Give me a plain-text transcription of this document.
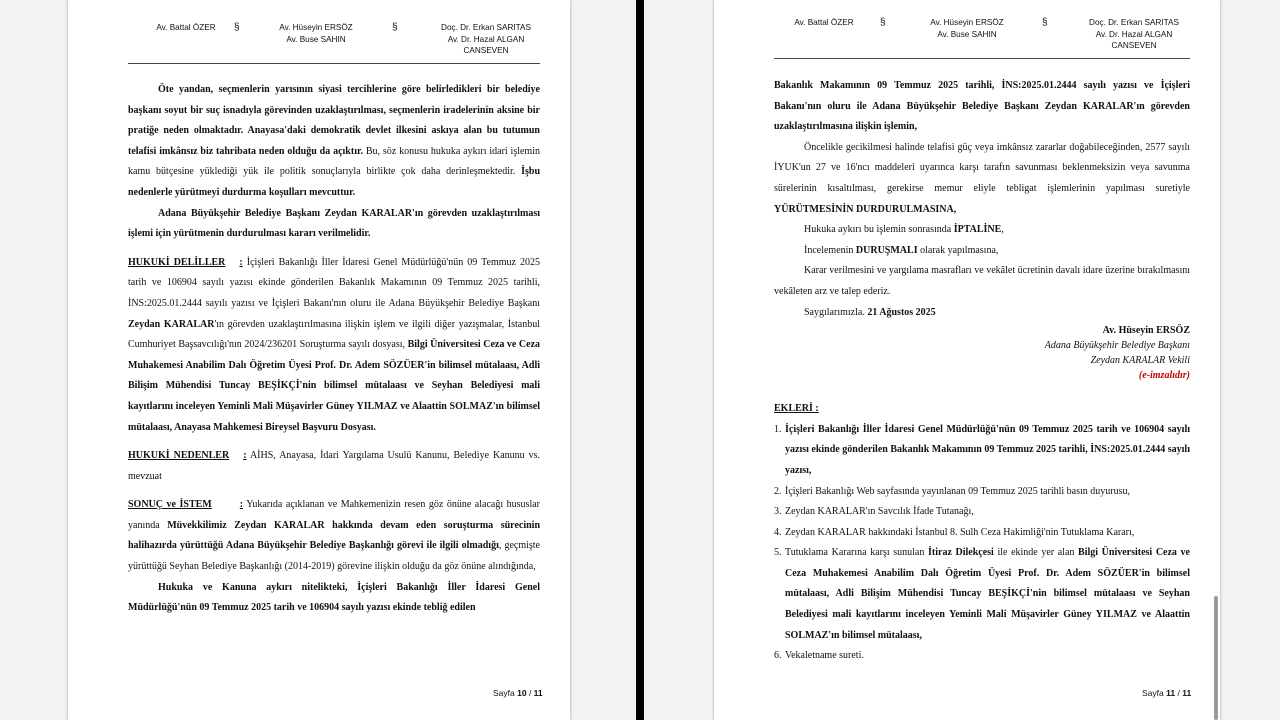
Av. Battal ÖZER	§	Av. Hüseyin ERSÖZ
Av. Buse SAHIN
§	Doç. Dr. Erkan SARITAS
Av. Dr. Hazal ALGAN
CANSEVEN

Öte yandan, seçmenlerin yarısının siyasi tercihlerine göre belirledikleri bir belediye başkanı soyut bir suç isnadıyla görevinden uzaklaştırılması, seçmenlerin iradelerinin aksine bir pratiğe neden olmaktadır. Anayasa'daki demokratik devlet ilkesini askıya alan bu tutumun telafisi imkânsız biz tahribata neden olduğu da açıktır. Bu, söz konusu hukuka aykırı idari işlemin kamu bütçesine yüklediği yük ile politik sonuçlarıyla birlikte çok daha derinleşmektedir. İşbu nedenlerle yürütmeyi durdurma koşulları mevcuttur.

Adana Büyükşehir Belediye Başkanı Zeydan KARALAR'ın görevden uzaklaştırılması işlemi için yürütmenin durdurulması kararı verilmelidir.

HUKUKİ DELİLLER : İçişleri Bakanlığı İller İdaresi Genel Müdürlüğü'nün 09 Temmuz 2025 tarih ve 106904 sayılı yazısı ekinde gönderilen Bakanlık Makamının 09 Temmuz 2025 tarihli, İNS:2025.01.2444 sayılı yazısı ve İçişleri Bakanı'nın oluru ile Adana Büyükşehir Belediye Başkanı Zeydan KARALAR'ın görevden uzaklaştırılmasına ilişkin işlem ve ilgili diğer yazışmalar, İstanbul Cumhuriyet Başsavcılığı'nın 2024/236201 Soruşturma sayılı dosyası, Bilgi Üniversitesi Ceza ve Ceza Muhakemesi Anabilim Dalı Öğretim Üyesi Prof. Dr. Adem SÖZÜER'in bilimsel mütalaası, Adli Bilişim Mühendisi Tuncay BEŞİKÇİ'nin bilimsel mütalaası ve Seyhan Belediyesi mali kayıtlarını inceleyen Yeminli Mali Müşavirler Güney YILMAZ ve Alaattin SOLMAZ'ın bilimsel mütalaası, Anayasa Mahkemesi Bireysel Başvuru Dosyası.

HUKUKİ NEDENLER : AİHS, Anayasa, İdari Yargılama Usulü Kanunu, Belediye Kanunu vs. mevzuat

SONUÇ ve İSTEM	: Yukarıda açıklanan ve Mahkemenizin resen göz önüne alacağı hususlar yanında Müvekkilimiz Zeydan KARALAR hakkında devam eden soruşturma sürecinin halihazırda yürüttüğü Adana Büyükşehir Belediye Başkanlığı görevi ile ilgili olmadığı, geçmişte yürüttüğü Seyhan Belediye Başkanlığı (2014-2019) görevine ilişkin olduğu da göz önüne alındığında,

Hukuka ve Kanuna aykırı nitelikteki, İçişleri Bakanlığı İller İdaresi Genel Müdürlüğü'nün 09 Temmuz 2025 tarih ve 106904 sayılı yazısı ekinde tebliğ edilen

Sayfa 10 / 11
Av. Battal ÖZER	§	Av. Hüseyin ERSÖZ
Av. Buse SAHIN
§	Doç. Dr. Erkan SARITAS
Av. Dr. Hazal ALGAN
CANSEVEN

Bakanlık Makamının 09 Temmuz 2025 tarihli, İNS:2025.01.2444 sayılı yazısı ve İçişleri Bakanı'nın oluru ile Adana Büyükşehir Belediye Başkanı Zeydan KARALAR'ın görevden uzaklaştırılmasına ilişkin işlemin,

Öncelikle gecikilmesi halinde telafisi güç veya imkânsız zararlar doğabileceğinden, 2577 sayılı İYUK'un 27 ve 16'ncı maddeleri uyarınca karşı tarafın savunması beklenmeksizin veya savunma sürelerinin kısaltılması, gerekirse memur eliyle tebligat işlemlerinin yapılması suretiyle YÜRÜTMESİNİN DURDURULMASINA,

Hukuka aykırı bu işlemin sonrasında İPTALİNE,

İncelemenin DURUŞMALI olarak yapılmasına,

Karar verilmesini ve yargılama masrafları ve vekâlet ücretinin davalı idare üzerine bırakılmasını vekâleten arz ve talep ederiz.

Saygılarımızla. 21 Ağustos 2025

Av. Hüseyin ERSÖZ
Adana Büyükşehir Belediye Başkanı
Zeydan KARALAR Vekili
(e-imzalıdır)

EKLERİ :

1. İçişleri Bakanlığı İller İdaresi Genel Müdürlüğü'nün 09 Temmuz 2025 tarih ve 106904 sayılı yazısı ekinde gönderilen Bakanlık Makamının 09 Temmuz 2025 tarihli, İNS:2025.01.2444 sayılı yazısı,
2. İçişleri Bakanlığı Web sayfasında yayınlanan 09 Temmuz 2025 tarihli basın duyurusu,
3. Zeydan KARALAR'ın Savcılık İfade Tutanağı,
4. Zeydan KARALAR hakkındaki İstanbul 8. Sulh Ceza Hakimliği'nin Tutuklama Kararı,
5. Tutuklama Kararına karşı sunulan İtiraz Dilekçesi ile ekinde yer alan Bilgi Üniversitesi Ceza ve Ceza Muhakemesi Anabilim Dalı Öğretim Üyesi Prof. Dr. Adem SÖZÜER'in bilimsel mütalaası, Adli Bilişim Mühendisi Tuncay BEŞİKÇİ'nin bilimsel mütalaası ve Seyhan Belediyesi mali kayıtlarını inceleyen Yeminli Mali Müşavirler Güney YILMAZ ve Alaattin SOLMAZ'ın bilimsel mütalaası,
6. Vekaletname sureti.
Sayfa 11 / 11
